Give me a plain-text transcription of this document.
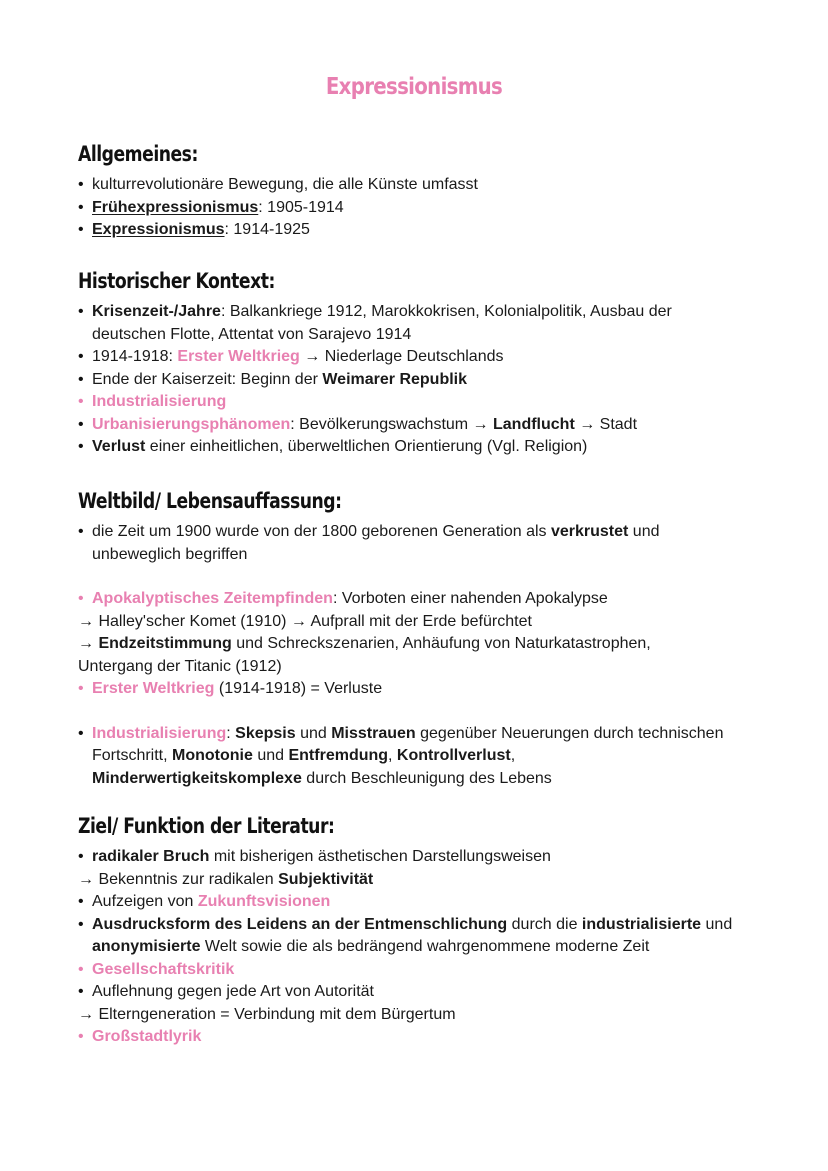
Expressionismus
Allgemeines:
• kulturrevolutionäre Bewegung, die alle Künste umfasst
• Frühexpressionismus: 1905-1914
• Expressionismus: 1914-1925
Historischer Kontext:
• Krisenzeit-/Jahre: Balkankriege 1912, Marokkokrisen, Kolonialpolitik, Ausbau der
deutschen Flotte, Attentat von Sarajevo 1914
• 1914-1918: Erster Weltkrieg → Niederlage Deutschlands
• Ende der Kaiserzeit: Beginn der Weimarer Republik
• Industrialisierung
• Urbanisierungsphänomen: Bevölkerungswachstum → Landflucht → Stadt
• Verlust einer einheitlichen, überweltlichen Orientierung (Vgl. Religion)
Weltbild/ Lebensauffassung:
• die Zeit um 1900 wurde von der 1800 geborenen Generation als verkrustet und
unbeweglich begriffen
• Apokalyptisches Zeitempfinden: Vorboten einer nahenden Apokalypse
→ Halley'scher Komet (1910) → Aufprall mit der Erde befürchtet
→ Endzeitstimmung und Schreckszenarien, Anhäufung von Naturkatastrophen,
Untergang der Titanic (1912)
• Erster Weltkrieg (1914-1918) = Verluste
• Industrialisierung: Skepsis und Misstrauen gegenüber Neuerungen durch technischen
Fortschritt, Monotonie und Entfremdung, Kontrollverlust,
Minderwertigkeitskomplexe durch Beschleunigung des Lebens
Ziel/ Funktion der Literatur:
• radikaler Bruch mit bisherigen ästhetischen Darstellungsweisen
→ Bekenntnis zur radikalen Subjektivität
• Aufzeigen von Zukunftsvisionen
• Ausdrucksform des Leidens an der Entmenschlichung durch die industrialisierte und
anonymisierte Welt sowie die als bedrängend wahrgenommene moderne Zeit
• Gesellschaftskritik
• Auflehnung gegen jede Art von Autorität
→ Elterngeneration = Verbindung mit dem Bürgertum
• Großstadtlyrik
